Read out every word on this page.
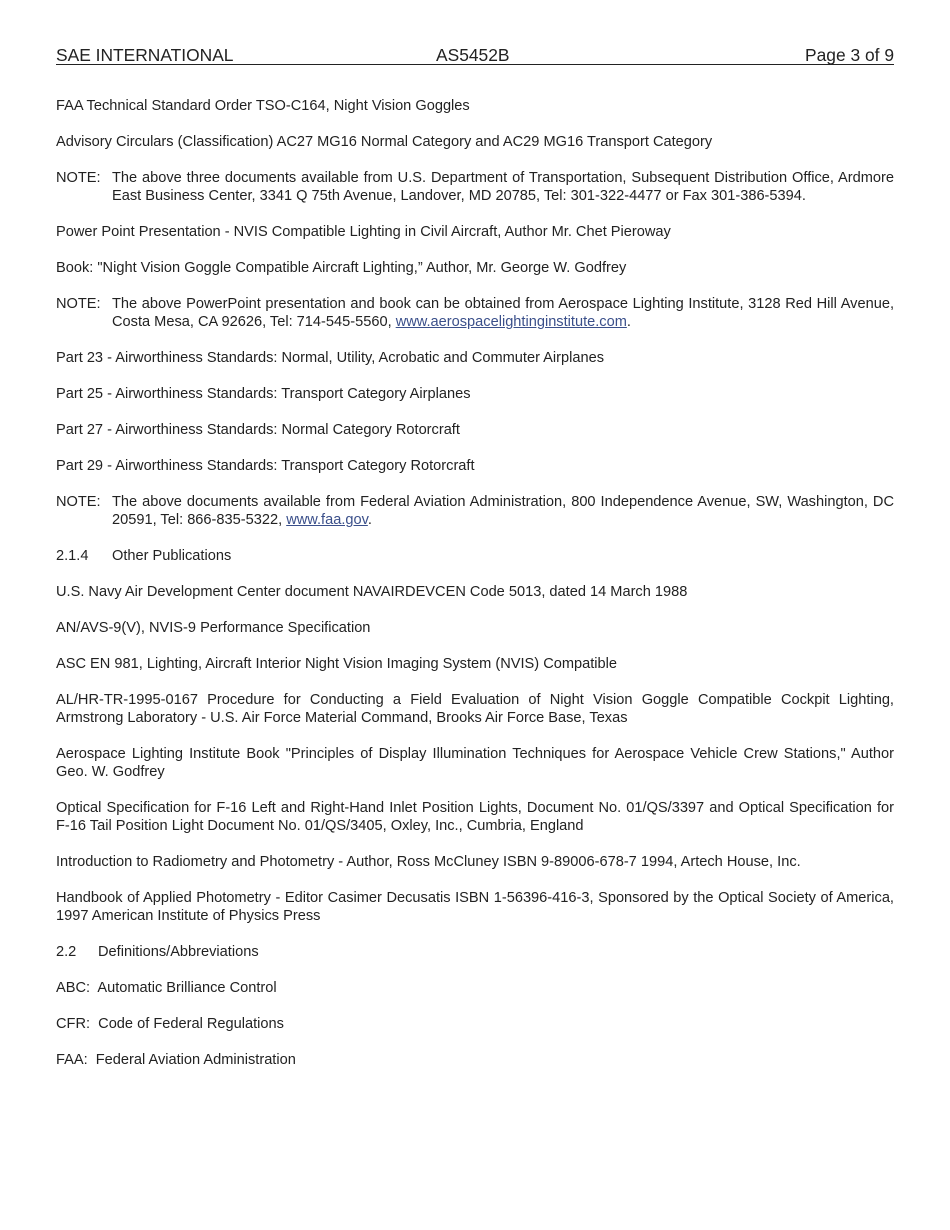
SAE INTERNATIONAL	AS5452B	Page 3 of 9

FAA Technical Standard Order TSO-C164, Night Vision Goggles

Advisory Circulars (Classification) AC27 MG16 Normal Category and AC29 MG16 Transport Category

NOTE: The above three documents available from U.S. Department of Transportation, Subsequent Distribution Office, Ardmore East Business Center, 3341 Q 75th Avenue, Landover, MD 20785, Tel: 301-322-4477 or Fax 301-386-5394.

Power Point Presentation - NVIS Compatible Lighting in Civil Aircraft, Author Mr. Chet Pieroway

Book: "Night Vision Goggle Compatible Aircraft Lighting,” Author, Mr. George W. Godfrey

NOTE: The above PowerPoint presentation and book can be obtained from Aerospace Lighting Institute, 3128 Red Hill Avenue, Costa Mesa, CA 92626, Tel: 714-545-5560, www.aerospacelightinginstitute.com.

Part 23 - Airworthiness Standards: Normal, Utility, Acrobatic and Commuter Airplanes

Part 25 - Airworthiness Standards: Transport Category Airplanes

Part 27 - Airworthiness Standards: Normal Category Rotorcraft

Part 29 - Airworthiness Standards: Transport Category Rotorcraft

NOTE: The above documents available from Federal Aviation Administration, 800 Independence Avenue, SW, Washington, DC 20591, Tel: 866-835-5322, www.faa.gov.
2.1.4	Other Publications

U.S. Navy Air Development Center document NAVAIRDEVCEN Code 5013, dated 14 March 1988

AN/AVS-9(V), NVIS-9 Performance Specification

ASC EN 981, Lighting, Aircraft Interior Night Vision Imaging System (NVIS) Compatible

AL/HR-TR-1995-0167 Procedure for Conducting a Field Evaluation of Night Vision Goggle Compatible Cockpit Lighting, Armstrong Laboratory - U.S. Air Force Material Command, Brooks Air Force Base, Texas

Aerospace Lighting Institute Book "Principles of Display Illumination Techniques for Aerospace Vehicle Crew Stations," Author Geo. W. Godfrey

Optical Specification for F-16 Left and Right-Hand Inlet Position Lights, Document No. 01/QS/3397 and Optical Specification for F-16 Tail Position Light Document No. 01/QS/3405, Oxley, Inc., Cumbria, England

Introduction to Radiometry and Photometry - Author, Ross McCluney ISBN 9-89006-678-7 1994, Artech House, Inc.

Handbook of Applied Photometry - Editor Casimer Decusatis ISBN 1-56396-416-3, Sponsored by the Optical Society of America, 1997 American Institute of Physics Press

2.2	Definitions/Abbreviations

ABC:  Automatic Brilliance Control

CFR:  Code of Federal Regulations

FAA:  Federal Aviation Administration
